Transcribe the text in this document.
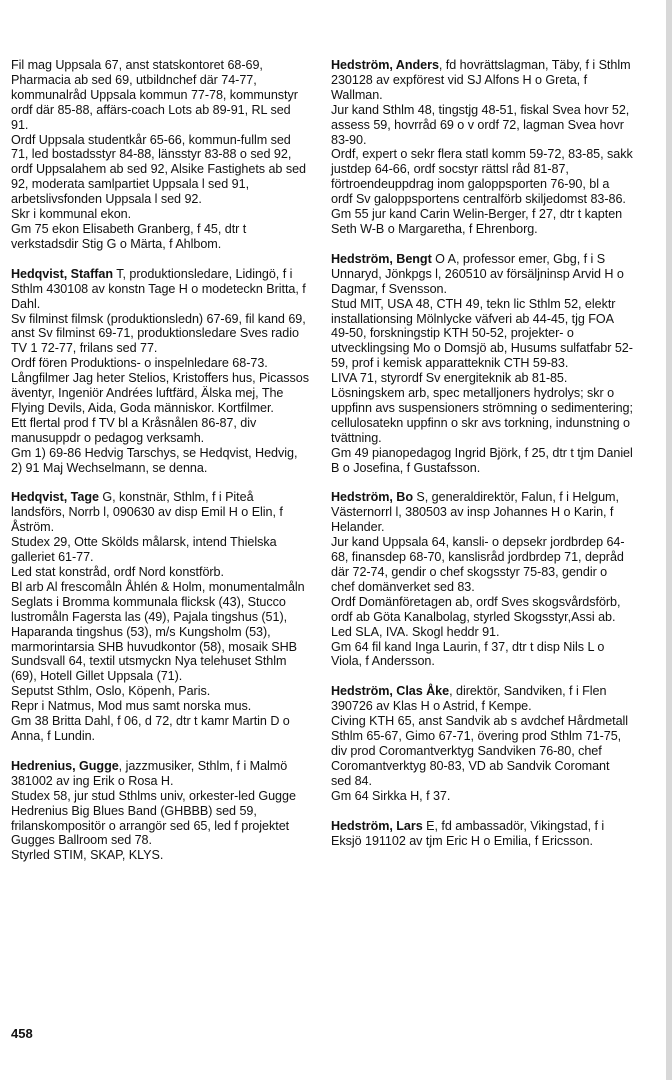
Fil mag Uppsala 67, anst statskontoret 68-69, Pharmacia ab sed 69, utbildnchef där 74-77, kommunalråd Uppsala kommun 77-78, kommunstyr ordf där 85-88, affärs-coach Lots ab 89-91, RL sed 91.

Ordf Uppsala studentkår 65-66, kommun-fullm sed 71, led bostadsstyr 84-88, länsstyr 83-88 o sed 92, ordf Uppsalahem ab sed 92, Alsike Fastighets ab sed 92, moderata samlpartiet Uppsala l sed 91, arbetslivsfonden Uppsala l sed 92.

Skr i kommunal ekon.

Gm 75 ekon Elisabeth Granberg, f 45, dtr t verkstadsdir Stig G o Märta, f Ahlbom.

Hedqvist, Staffan T, produktionsledare, Lidingö, f i Sthlm 430108 av konstn Tage H o modeteckn Britta, f Dahl.

Sv filminst filmsk (produktionsledn) 67-69, fil kand 69, anst Sv filminst 69-71, produktionsledare Sves radio TV 1 72-77, frilans sed 77.

Ordf fören Produktions- o inspelnledare 68-73.

Långfilmer Jag heter Stelios, Kristoffers hus, Picassos äventyr, Ingeniör Andrées luftfärd, Älska mej, The Flying Devils, Aida, Goda människor. Kortfilmer.

Ett flertal prod f TV bl a Kråsnålen 86-87, div manusuppdr o pedagog verksamh.

Gm 1) 69-86 Hedvig Tarschys, se Hedqvist, Hedvig, 2) 91 Maj Wechselmann, se denna.

Hedqvist, Tage G, konstnär, Sthlm, f i Piteå landsförs, Norrb l, 090630 av disp Emil H o Elin, f Åström.

Studex 29, Otte Skölds målarsk, intend Thielska galleriet 61-77.

Led stat konstråd, ordf Nord konstförb.

Bl arb Al frescomåln Åhlén & Holm, monumentalmåln Seglats i Bromma kommunala flicksk (43), Stucco lustromåln Fagersta las (49), Pajala tingshus (51), Haparanda tingshus (53), m/s Kungsholm (53), marmorintarsia SHB huvudkontor (58), mosaik SHB Sundsvall 64, textil utsmyckn Nya telehuset Sthlm (69), Hotell Gillet Uppsala (71).

Seputst Sthlm, Oslo, Köpenh, Paris.

Repr i Natmus, Mod mus samt norska mus.

Gm 38 Britta Dahl, f 06, d 72, dtr t kamr Martin D o Anna, f Lundin.

Hedrenius, Gugge, jazzmusiker, Sthlm, f i Malmö 381002 av ing Erik o Rosa H.

Studex 58, jur stud Sthlms univ, orkester-led Gugge Hedrenius Big Blues Band (GHBBB) sed 59, frilanskompositör o arrangör sed 65, led f projektet Gugges Ballroom sed 78.

Styrled STIM, SKAP, KLYS.

Hedström, Anders, fd hovrättslagman, Täby, f i Sthlm 230128 av expförest vid SJ Alfons H o Greta, f Wallman.

Jur kand Sthlm 48, tingstjg 48-51, fiskal Svea hovr 52, assess 59, hovrråd 69 o v ordf 72, lagman Svea hovr 83-90.

Ordf, expert o sekr flera statl komm 59-72, 83-85, sakk justdep 64-66, ordf socstyr rättsl råd 81-87, förtroendeuppdrag inom galoppsporten 76-90, bl a ordf Sv galoppsportens centralförb skiljedomst 83-86.

Gm 55 jur kand Carin Welin-Berger, f 27, dtr t kapten Seth W-B o Margaretha, f Ehrenborg.

Hedström, Bengt O A, professor emer, Gbg, f i S Unnaryd, Jönkpgs l, 260510 av försäljninsp Arvid H o Dagmar, f Svensson.

Stud MIT, USA 48, CTH 49, tekn lic Sthlm 52, elektr installationsing Mölnlycke väfveri ab 44-45, tjg FOA 49-50, forskningstip KTH 50-52, projekter- o utvecklingsing Mo o Domsjö ab, Husums sulfatfabr 52-59, prof i kemisk apparatteknik CTH 59-83.

LIVA 71, styrordf Sv energiteknik ab 81-85.

Lösningskem arb, spec metalljoners hydrolys; skr o uppfinn avs suspensioners strömning o sedimentering; cellulosatekn uppfinn o skr avs torkning, indunstning o tvättning.

Gm 49 pianopedagog Ingrid Björk, f 25, dtr t tjm Daniel B o Josefina, f Gustafsson.

Hedström, Bo S, generaldirektör, Falun, f i Helgum, Västernorrl l, 380503 av insp Johannes H o Karin, f Helander.

Jur kand Uppsala 64, kansli- o depsekr jordbrdep 64-68, finansdep 68-70, kanslisråd jordbrdep 71, depråd där 72-74, gendir o chef skogsstyr 75-83, gendir o chef domänverket sed 83.

Ordf Domänföretagen ab, ordf Sves skogsvårdsförb, ordf ab Göta Kanalbolag, styrled Skogsstyr,Assi ab.

Led SLA, IVA. Skogl heddr 91.

Gm 64 fil kand Inga Laurin, f 37, dtr t disp Nils L o Viola, f Andersson.

Hedström, Clas Åke, direktör, Sandviken, f i Flen 390726 av Klas H o Astrid, f Kempe.

Civing KTH 65, anst Sandvik ab s avdchef Hårdmetall Sthlm 65-67, Gimo 67-71, övering prod Sthlm 71-75, div prod Coromantverktyg Sandviken 76-80, chef Coromantverktyg 80-83, VD ab Sandvik Coromant sed 84.

Gm 64 Sirkka H, f 37.

Hedström, Lars E, fd ambassadör, Vikingstad, f i Eksjö 191102 av tjm Eric H o Emilia, f Ericsson.

458
